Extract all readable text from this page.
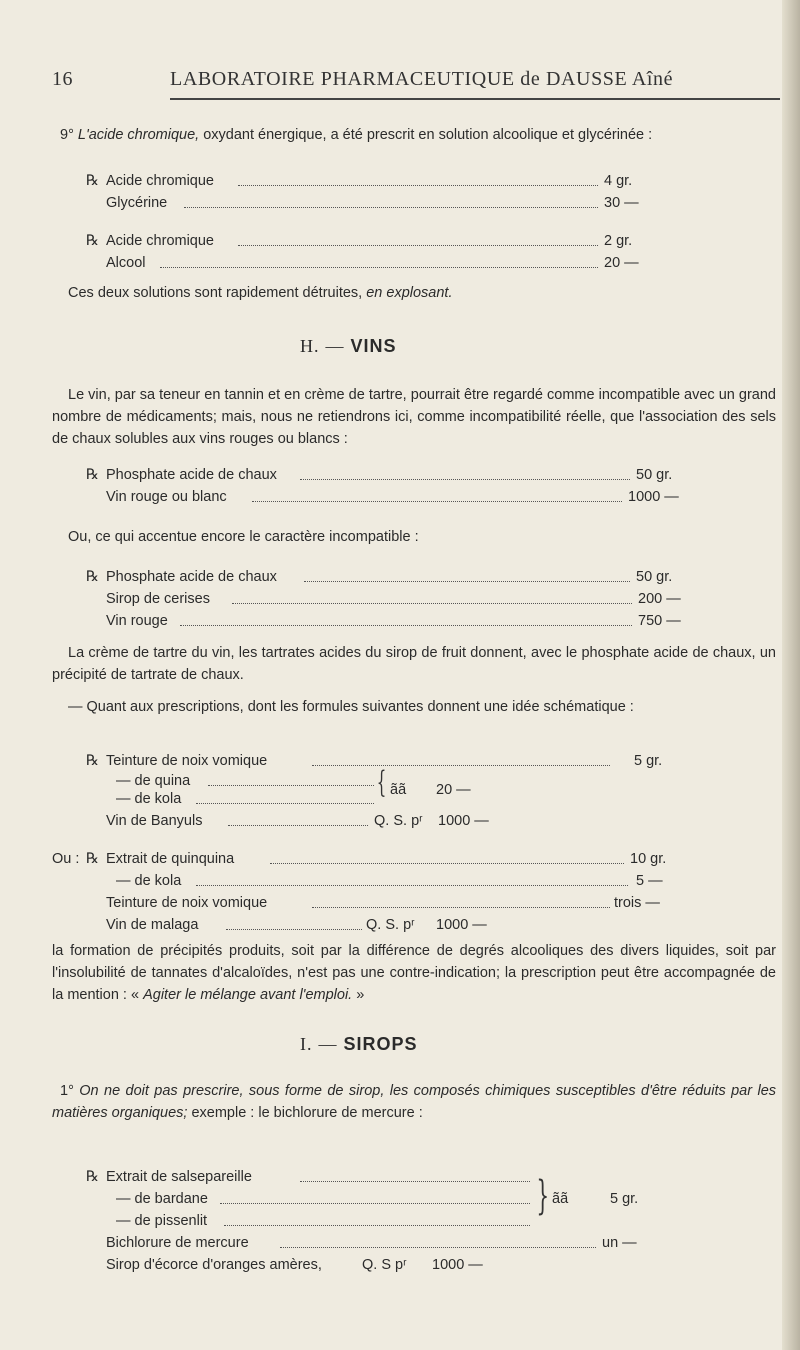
16	LABORATOIRE PHARMACEUTIQUE de DAUSSE Aîné
9° L'acide chromique, oxydant énergique, a été prescrit en solution alcoolique et glycérinée :
℞ Acide chromique	4 gr.
Glycérine	30 —
℞ Acide chromique	2 gr.
Alcool	20 —
Ces deux solutions sont rapidement détruites, en explosant.
H. — VINS
Le vin, par sa teneur en tannin et en crème de tartre, pourrait être regardé comme incompatible avec un grand nombre de médicaments; mais, nous ne retiendrons ici, comme incompatibilité réelle, que l'association des sels de chaux solubles aux vins rouges ou blancs :
℞ Phosphate acide de chaux	50 gr.
Vin rouge ou blanc	1000 —
Ou, ce qui accentue encore le caractère incompatible :
℞ Phosphate acide de chaux	50 gr.
Sirop de cerises	200 —
Vin rouge	750 —
La crème de tartre du vin, les tartrates acides du sirop de fruit donnent, avec le phosphate acide de chaux, un précipité de tartrate de chaux.
— Quant aux prescriptions, dont les formules suivantes donnent une idée schématique :
℞ Teinture de noix vomique	5 gr.
— de quina
— de kola	{ ãã 20 —
Vin de Banyuls	Q. S. pʳ 1000 —
Ou : ℞ Extrait de quinquina	10 gr.
— de kola	5 —
Teinture de noix vomique	trois —
Vin de malaga	Q. S. pʳ 1000 —
la formation de précipités produits, soit par la différence de degrés alcooliques des divers liquides, soit par l'insolubilité de tannates d'alcaloïdes, n'est pas une contre-indication; la prescription peut être accompagnée de la mention : « Agiter le mélange avant l'emploi. »
I. — SIROPS
1° On ne doit pas prescrire, sous forme de sirop, les composés chimiques susceptibles d'être réduits par les matières organiques; exemple : le bichlorure de mercure :
℞ Extrait de salsepareille
— de bardane
— de pissenlit
} ãã	5 gr.
Bichlorure de mercure	un —
Sirop d'écorce d'oranges amères,	Q. S pʳ 1000 —
